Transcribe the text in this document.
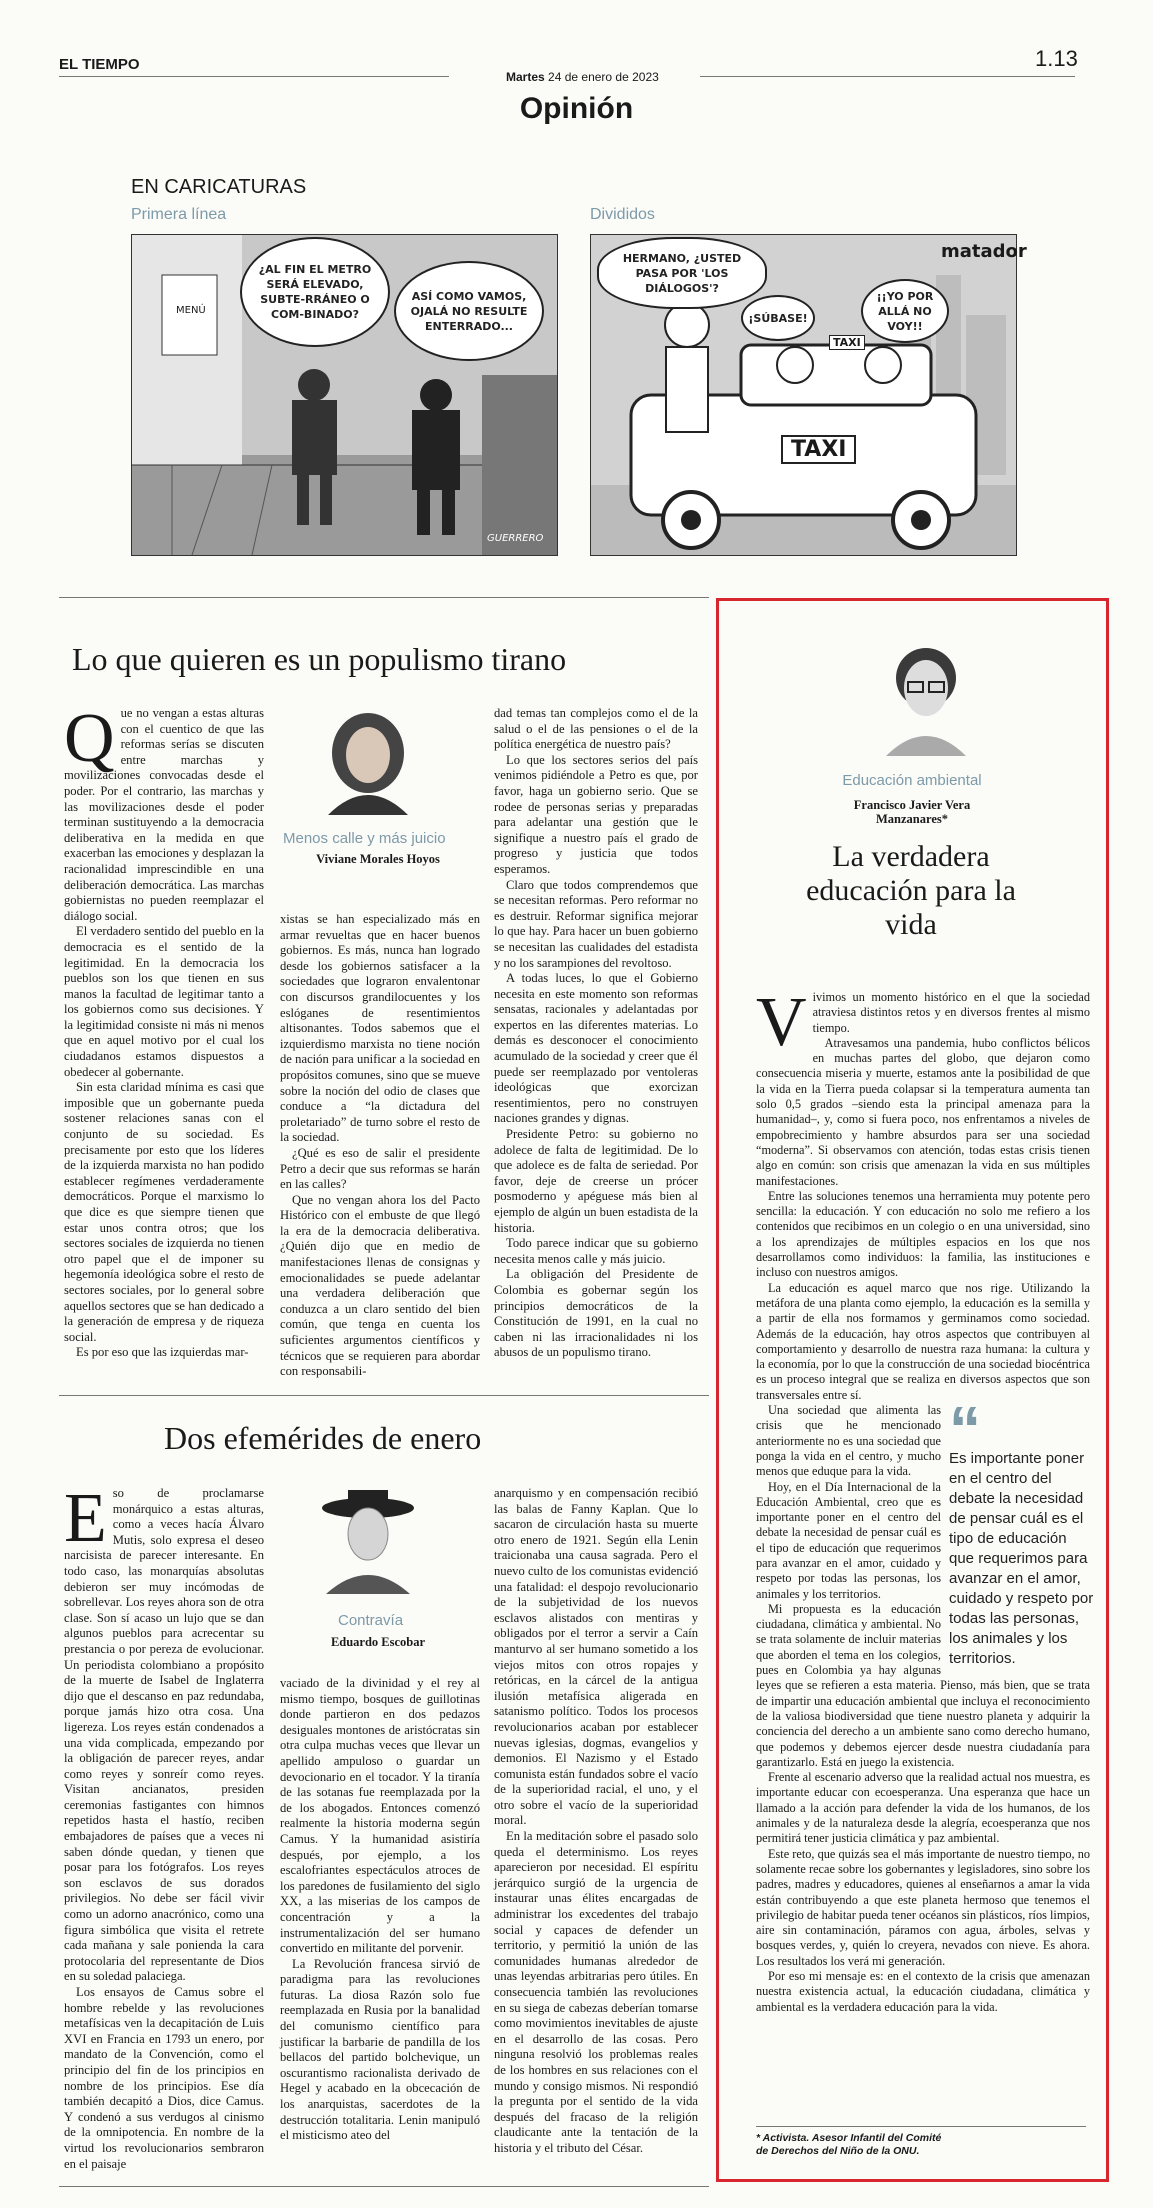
EL TIEMPO
Martes 24 de enero de 2023
1.13
Opinión
EN CARICATURAS
Primera línea	Divididos
¿AL FIN EL METRO SERÁ ELEVADO, SUBTE-RRÁNEO O COM-BINADO?
ASÍ COMO VAMOS, OJALÁ NO RESULTE ENTERRADO...
MENÚ
GUERRERO
matador
HERMANO, ¿USTED PASA POR 'LOS DIÁLOGOS'?
¡SÚBASE!
¡¡YO POR ALLÁ NO VOY!!
TAXI
TAXI
Lo que quieren es un populismo tirano
Menos calle y más juicio
Viviane Morales Hoyos
Q ue no vengan a estas alturas con el cuentico de que las reformas serías se discuten entre marchas y movilizaciones convocadas desde el poder. Por el contrario, las marchas y las movilizaciones desde el poder terminan sustituyendo a la democracia deliberativa en la medida en que exacerban las emociones y desplazan la racionalidad imprescindible en una deliberación democrática. Las marchas gobiernistas no pueden reemplazar el diálogo social.

El verdadero sentido del pueblo en la democracia es el sentido de la legitimidad. En la democracia los pueblos son los que tienen en sus manos la facultad de legitimar tanto a los gobiernos como sus decisiones. Y la legitimidad consiste ni más ni menos que en aquel motivo por el cual los ciudadanos estamos dispuestos a obedecer al gobernante.

Sin esta claridad mínima es casi que imposible que un gobernante pueda sostener relaciones sanas con el conjunto de su sociedad. Es precisamente por esto que los líderes de la izquierda marxista no han podido establecer regímenes verdaderamente democráticos. Porque el marxismo lo que dice es que siempre tienen que estar unos contra otros; que los sectores sociales de izquierda no tienen otro papel que el de imponer su hegemonía ideológica sobre el resto de sectores sociales, por lo general sobre aquellos sectores que se han dedicado a la generación de empresa y de riqueza social.

Es por eso que las izquierdas mar-

xistas se han especializado más en armar revueltas que en hacer buenos gobiernos. Es más, nunca han logrado desde los gobiernos satisfacer a la sociedades que lograron envalentonar con discursos grandilocuentes y los eslóganes de resentimientos altisonantes. Todos sabemos que el izquierdismo marxista no tiene noción de nación para unificar a la sociedad en propósitos comunes, sino que se mueve sobre la noción del odio de clases que conduce a “la dictadura del proletariado” de turno sobre el resto de la sociedad.

¿Qué es eso de salir el presidente Petro a decir que sus reformas se harán en las calles?

Que no vengan ahora los del Pacto Histórico con el embuste de que llegó la era de la democracia deliberativa. ¿Quién dijo que en medio de manifestaciones llenas de consignas y emocionalidades se puede adelantar una verdadera deliberación que conduzca a un claro sentido del bien común, que tenga en cuenta los suficientes argumentos científicos y técnicos que se requieren para abordar con responsabili-

dad temas tan complejos como el de la salud o el de las pensiones o el de la política energética de nuestro país?

Lo que los sectores serios del país venimos pidiéndole a Petro es que, por favor, haga un gobierno serio. Que se rodee de personas serias y preparadas para adelantar una gestión que le signifique a nuestro país el grado de progreso y justicia que todos esperamos.

Claro que todos comprendemos que se necesitan reformas. Pero reformar no es destruir. Reformar significa mejorar lo que hay. Para hacer un buen gobierno se necesitan las cualidades del estadista y no los sarampiones del revoltoso.

A todas luces, lo que el Gobierno necesita en este momento son reformas sensatas, racionales y adelantadas por expertos en las diferentes materias. Lo demás es desconocer el conocimiento acumulado de la sociedad y creer que él puede ser reemplazado por ventoleras ideológicas que exorcizan resentimientos, pero no construyen naciones grandes y dignas.

Presidente Petro: su gobierno no adolece de falta de legitimidad. De lo que adolece es de falta de seriedad. Por favor, deje de creerse un prócer posmoderno y apéguese más bien al ejemplo de algún un buen estadista de la historia.

Todo parece indicar que su gobierno necesita menos calle y más juicio.

La obligación del Presidente de Colombia es gobernar según los principios democráticos de la Constitución de 1991, en la cual no caben ni las irracionalidades ni los abusos de un populismo tirano.

Dos efemérides de enero
Contravía
Eduardo Escobar
E so de proclamarse monárquico a estas alturas, como a veces hacía Álvaro Mutis, solo expresa el deseo narcisista de parecer interesante. En todo caso, las monarquías absolutas debieron ser muy incómodas de sobrellevar. Los reyes ahora son de otra clase. Son sí acaso un lujo que se dan algunos pueblos para acrecentar su prestancia o por pereza de evolucionar. Un periodista colombiano a propósito de la muerte de Isabel de Inglaterra dijo que el descanso en paz redundaba, porque jamás hizo otra cosa. Una ligereza. Los reyes están condenados a una vida complicada, empezando por la obligación de parecer reyes, andar como reyes y sonreír como reyes. Visitan ancianatos, presiden ceremonias fastigantes con himnos repetidos hasta el hastío, reciben embajadores de países que a veces ni saben dónde quedan, y tienen que posar para los fotógrafos. Los reyes son esclavos de sus dorados privilegios. No debe ser fácil vivir como un adorno anacrónico, como una figura simbólica que visita el retrete cada mañana y sale ponienda la cara protocolaria del representante de Dios en su soledad palaciega.

Los ensayos de Camus sobre el hombre rebelde y las revoluciones metafísicas ven la decapitación de Luis XVI en Francia en 1793 un enero, por mandato de la Convención, como el principio del fin de los principios en nombre de los principios. Ese día también decapitó a Dios, dice Camus. Y condenó a sus verdugos al cinismo de la omnipotencia. En nombre de la virtud los revolucionarios sembraron en el paisaje

vaciado de la divinidad y el rey al mismo tiempo, bosques de guillotinas donde partieron en dos pedazos desiguales montones de aristócratas sin otra culpa muchas veces que llevar un apellido ampuloso o guardar un devocionario en el tocador. Y la tiranía de las sotanas fue reemplazada por la de los abogados. Entonces comenzó realmente la historia moderna según Camus. Y la humanidad asistiría después, por ejemplo, a los escalofriantes espectáculos atroces de los paredones de fusilamiento del siglo XX, a las miserias de los campos de concentración y a la instrumentalización del ser humano convertido en militante del porvenir.

La Revolución francesa sirvió de paradigma para las revoluciones futuras. La diosa Razón solo fue reemplazada en Rusia por la banalidad del comunismo científico para justificar la barbarie de pandilla de los bellacos del partido bolchevique, un oscurantismo racionalista derivado de Hegel y acabado en la obcecación de los anarquistas, sacerdotes de la destrucción totalitaria. Lenin manipuló el misticismo ateo del

anarquismo y en compensación recibió las balas de Fanny Kaplan. Que lo sacaron de circulación hasta su muerte otro enero de 1921. Según ella Lenin traicionaba una causa sagrada. Pero el nuevo culto de los comunistas evidenció una fatalidad: el despojo revolucionario de la subjetividad de los nuevos esclavos alistados con mentiras y obligados por el terror a servir a Caín manturvo al ser humano sometido a los viejos mitos con otros ropajes y retóricas, en la cárcel de la antigua ilusión metafísica aligerada en satanismo político. Todos los procesos revolucionarios acaban por establecer nuevas iglesias, dogmas, evangelios y demonios. El Nazismo y el Estado comunista están fundados sobre el vacío de la superioridad racial, el uno, y el otro sobre el vacío de la superioridad moral.

En la meditación sobre el pasado solo queda el determinismo. Los reyes aparecieron por necesidad. El espíritu jerárquico surgió de la urgencia de instaurar unas élites encargadas de administrar los excedentes del trabajo social y capaces de defender un territorio, y permitió la unión de las comunidades humanas alrededor de unas leyendas arbitrarias pero útiles. En consecuencia también las revoluciones en su siega de cabezas deberían tomarse como movimientos inevitables de ajuste en el desarrollo de las cosas. Pero ninguna resolvió los problemas reales de los hombres en sus relaciones con el mundo y consigo mismos. Ni respondió la pregunta por el sentido de la vida después del fracaso de la religión claudicante ante la tentación de la historia y el tributo del César.

Educación ambiental
Francisco Javier Vera Manzanares*
La verdadera educación para la vida
V ivimos un momento histórico en el que la sociedad atraviesa distintos retos y en diversos frentes al mismo tiempo.

Atravesamos una pandemia, hubo conflictos bélicos en muchas partes del globo, que dejaron como consecuencia miseria y muerte, estamos ante la posibilidad de que la vida en la Tierra pueda colapsar si la temperatura aumenta tan solo 0,5 grados –siendo esta la principal amenaza para la humanidad–, y, como si fuera poco, nos enfrentamos a niveles de empobrecimiento y hambre absurdos para ser una sociedad “moderna”. Si observamos con atención, todas estas crisis tienen algo en común: son crisis que amenazan la vida en sus múltiples manifestaciones.

Entre las soluciones tenemos una herramienta muy potente pero sencilla: la educación. Y con educación no solo me refiero a los contenidos que recibimos en un colegio o en una universidad, sino a los aprendizajes de múltiples espacios en los que nos desarrollamos como individuos: la familia, las instituciones e incluso con nuestros amigos.

La educación es aquel marco que nos rige. Utilizando la metáfora de una planta como ejemplo, la educación es la semilla y a partir de ella nos formamos y germinamos como sociedad. Además de la educación, hay otros aspectos que contribuyen al comportamiento y desarrollo de nuestra raza humana: la cultura y la economía, por lo que la construcción de una sociedad biocéntrica es un proceso integral que se realiza en diversos aspectos que son transversales entre sí.	“
Es importante poner en el centro del debate la necesidad de pensar cuál es el tipo de educación que requerimos para avanzar en el amor, cuidado y respeto por todas las personas, los animales y los territorios.

Una sociedad que alimenta las crisis que he mencionado anteriormente no es una sociedad que ponga la vida en el centro, y mucho menos que eduque para la vida.

Hoy, en el Día Internacional de la Educación Ambiental, creo que es importante poner en el centro del debate la necesidad de pensar cuál es el tipo de educación que requerimos para avanzar en el amor, cuidado y respeto por todas las personas, los animales y los territorios.

Mi propuesta es la educación ciudadana, climática y ambiental. No se trata solamente de incluir materias que aborden el tema en los colegios, pues en Colombia ya hay algunas leyes que se refieren a esta materia. Pienso, más bien, que se trata de impartir una educación ambiental que incluya el reconocimiento de la valiosa biodiversidad que tiene nuestro planeta y adquirir la conciencia del derecho a un ambiente sano como derecho humano, que podemos y debemos ejercer desde nuestra ciudadanía para garantizarlo. Está en juego la existencia.

Frente al escenario adverso que la realidad actual nos muestra, es importante educar con ecoesperanza. Una esperanza que hace un llamado a la acción para defender la vida de los humanos, de los animales y de la naturaleza desde la alegría, ecoesperanza que nos permitirá tener justicia climática y paz ambiental.

Este reto, que quizás sea el más importante de nuestro tiempo, no solamente recae sobre los gobernantes y legisladores, sino sobre los padres, madres y educadores, quienes al enseñarnos a amar la vida están contribuyendo a que este planeta hermoso que tenemos el privilegio de habitar pueda tener océanos sin plásticos, ríos limpios, aire sin contaminación, páramos con agua, árboles, selvas y bosques verdes, y, quién lo creyera, nevados con nieve. Es ahora. Los resultados los verá mi generación.

Por eso mi mensaje es: en el contexto de la crisis que amenazan nuestra existencia actual, la educación ciudadana, climática y ambiental es la verdadera educación para la vida.

* Activista. Asesor Infantil del Comité de Derechos del Niño de la ONU.
